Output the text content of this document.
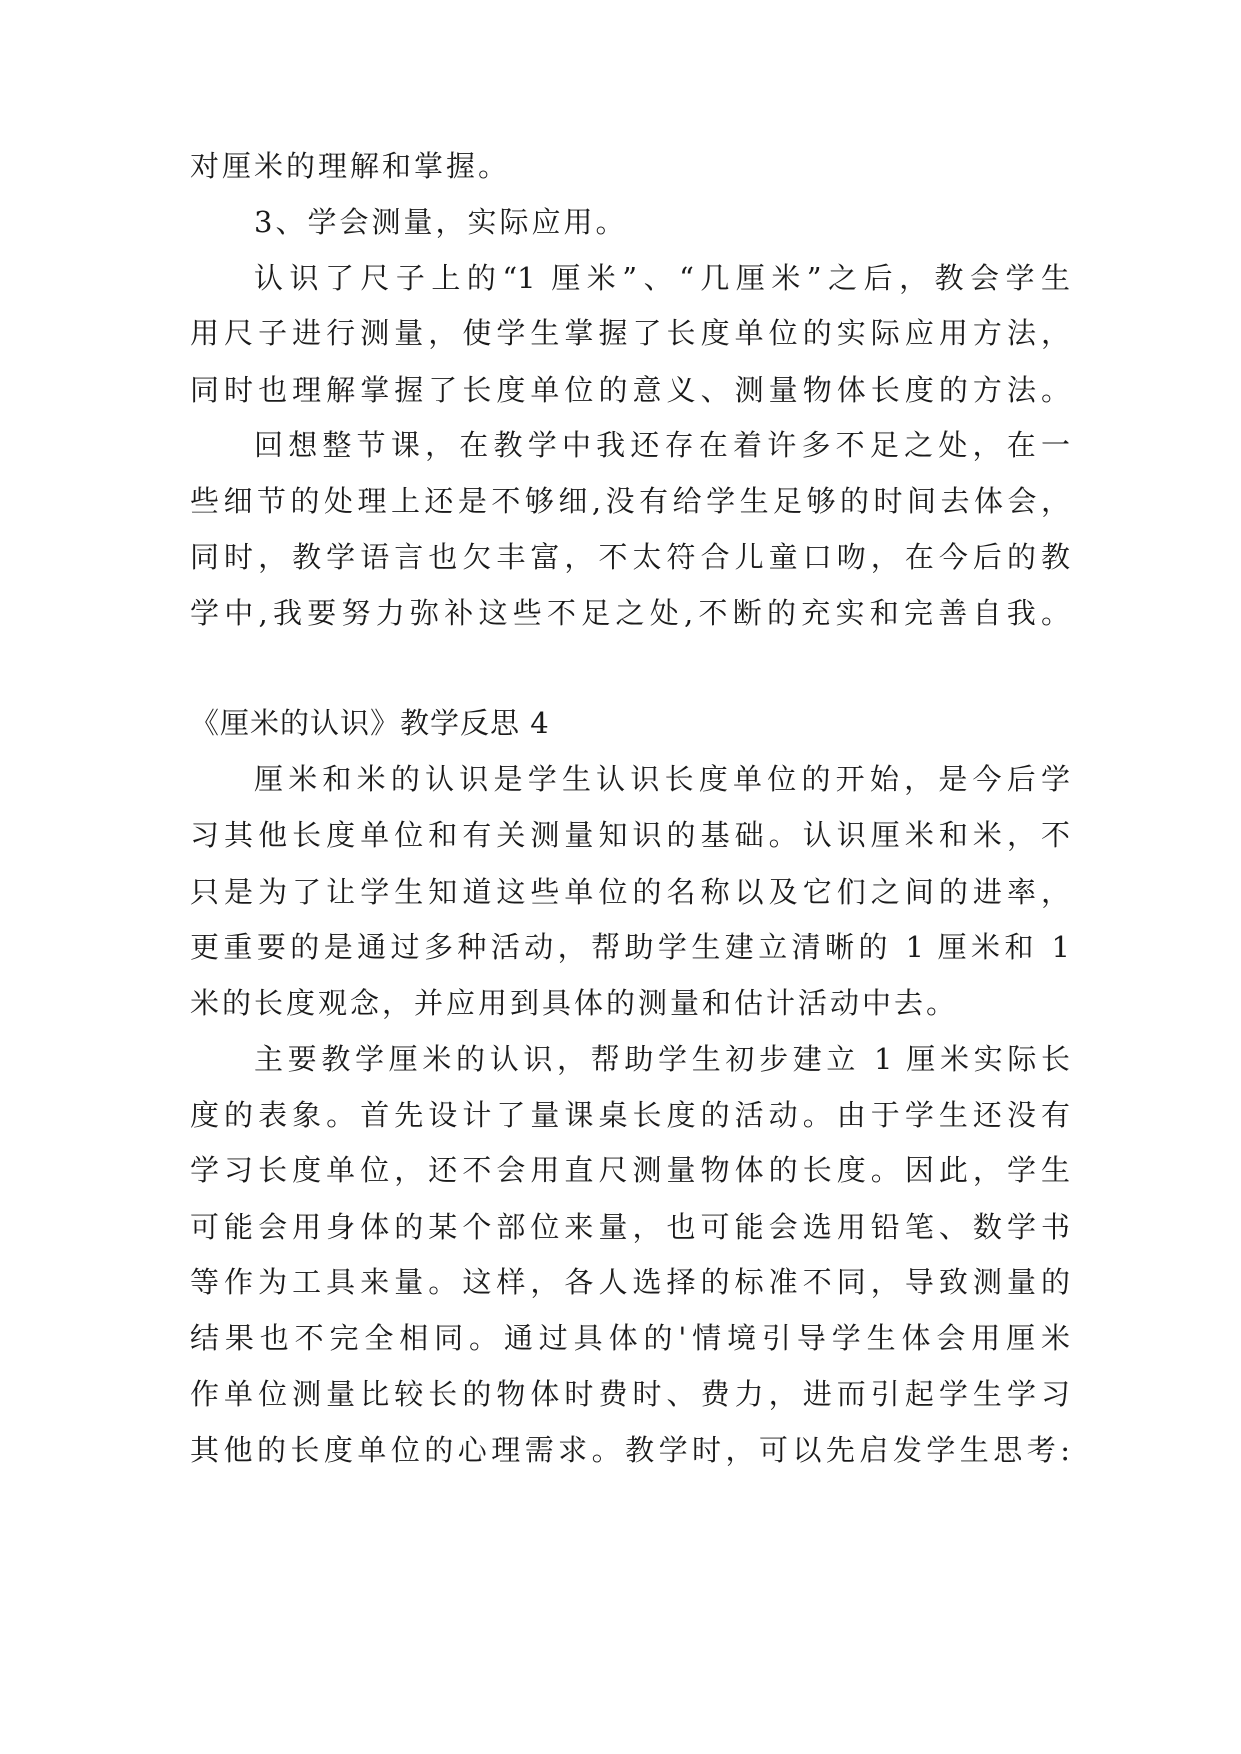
对厘米的理解和掌握。
3、学会测量，实际应用。
认识了尺子上的“1 厘米”、“几厘米”之后，教会学生
用尺子进行测量，使学生掌握了长度单位的实际应用方法，
同时也理解掌握了长度单位的意义、测量物体长度的方法。
回想整节课，在教学中我还存在着许多不足之处，在一
些细节的处理上还是不够细,没有给学生足够的时间去体会，
同时，教学语言也欠丰富，不太符合儿童口吻，在今后的教
学中,我要努力弥补这些不足之处,不断的充实和完善自我。
《厘米的认识》教学反思 4
厘米和米的认识是学生认识长度单位的开始，是今后学
习其他长度单位和有关测量知识的基础。认识厘米和米，不
只是为了让学生知道这些单位的名称以及它们之间的进率，
更重要的是通过多种活动，帮助学生建立清晰的 1 厘米和 1
米的长度观念，并应用到具体的测量和估计活动中去。
主要教学厘米的认识，帮助学生初步建立 1 厘米实际长
度的表象。首先设计了量课桌长度的活动。由于学生还没有
学习长度单位，还不会用直尺测量物体的长度。因此，学生
可能会用身体的某个部位来量，也可能会选用铅笔、数学书
等作为工具来量。这样，各人选择的标准不同，导致测量的
结果也不完全相同。通过具体的'情境引导学生体会用厘米
作单位测量比较长的物体时费时、费力，进而引起学生学习
其他的长度单位的心理需求。教学时，可以先启发学生思考:
